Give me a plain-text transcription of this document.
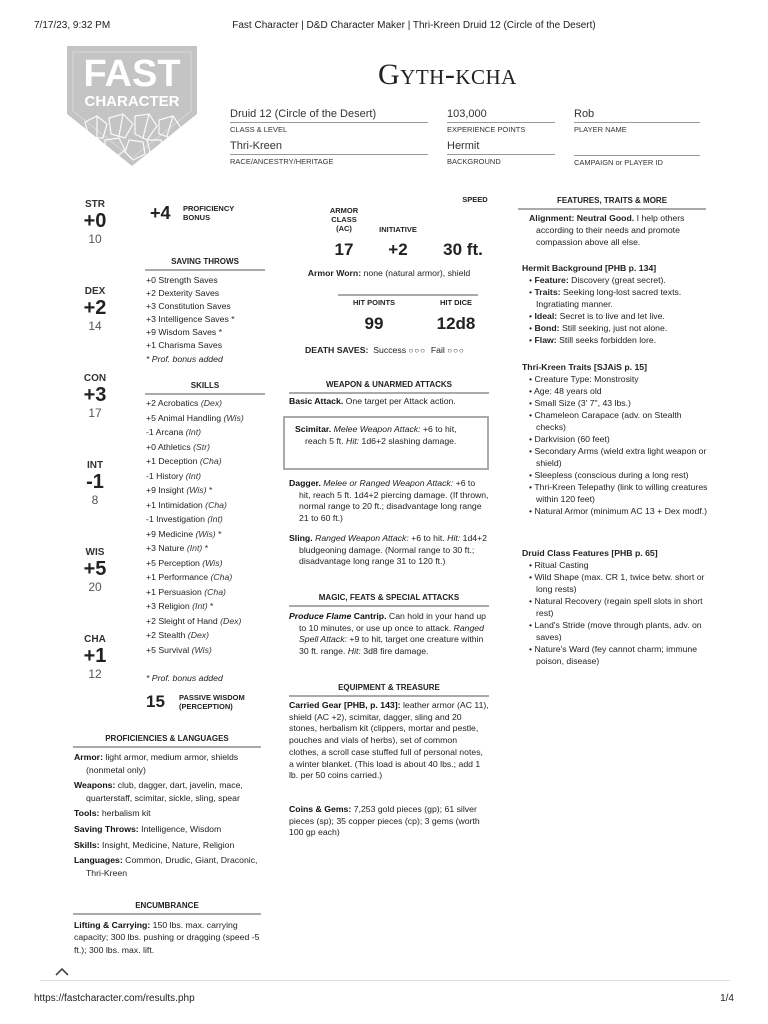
7/17/23, 9:32 PM	Fast Character | D&D Character Maker | Thri-Kreen Druid 12 (Circle of the Desert)
FAST
CHARACTER
Gyth-kcha
Druid 12 (Circle of the Desert)
CLASS & LEVEL
103,000
EXPERIENCE POINTS
Rob
PLAYER NAME
Thri-Kreen
RACE/ANCESTRY/HERITAGE
Hermit
BACKGROUND	CAMPAIGN or PLAYER ID
STR
+0
10
DEX
+2
14
CON
+3
17
INT
-1
8
WIS
+5
20
CHA
+1
12
+4 PROFICIENCY
BONUS
SAVING THROWS
+0 Strength Saves
+2 Dexterity Saves
+3 Constitution Saves
+3 Intelligence Saves *
+9 Wisdom Saves *
+1 Charisma Saves
* Prof. bonus added
SKILLS
+2 Acrobatics (Dex)
+5 Animal Handling (Wis)
-1 Arcana (Int)
+0 Athletics (Str)
+1 Deception (Cha)
-1 History (Int)
+9 Insight (Wis) *
+1 Intimidation (Cha)
-1 Investigation (Int)
+9 Medicine (Wis) *
+3 Nature (Int) *
+5 Perception (Wis)
+1 Performance (Cha)
+1 Persuasion (Cha)
+3 Religion (Int) *
+2 Sleight of Hand (Dex)
+2 Stealth (Dex)
+5 Survival (Wis)
* Prof. bonus added
15 PASSIVE WISDOM
(PERCEPTION)
PROFICIENCIES & LANGUAGES
Armor: light armor, medium armor, shields (nonmetal only)
Weapons: club, dagger, dart, javelin, mace, quarterstaff, scimitar, sickle, sling, spear
Tools: herbalism kit
Saving Throws: Intelligence, Wisdom
Skills: Insight, Medicine, Nature, Religion
Languages: Common, Drudic, Giant, Draconic, Thri-Kreen
ENCUMBRANCE
Lifting & Carrying: 150 lbs. max. carrying capacity; 300 lbs. pushing or dragging (speed -5 ft.); 300 lbs. max. lift.
SPEED
ARMOR
CLASS
(AC)	INITIATIVE
17	+2	30 ft.
Armor Worn: none (natural armor), shield
HIT POINTS	HIT DICE
99	12d8
DEATH SAVES: Success ○○○ Fail ○○○
WEAPON & UNARMED ATTACKS
Basic Attack. One target per Attack action.
Scimitar. Melee Weapon Attack: +6 to hit, reach 5 ft. Hit: 1d6+2 slashing damage.
Dagger. Melee or Ranged Weapon Attack: +6 to hit, reach 5 ft. 1d4+2 piercing damage. (If thrown, normal range to 20 ft.; disadvantage long range 21 to 60 ft.)
Sling. Ranged Weapon Attack: +6 to hit. Hit: 1d4+2 bludgeoning damage. (Normal range to 30 ft.; disadvantage long range 31 to 120 ft.)
MAGIC, FEATS & SPECIAL ATTACKS
Produce Flame Cantrip. Can hold in your hand up to 10 minutes, or use up once to attack. Ranged Spell Attack: +9 to hit, target one creature within 30 ft. range. Hit: 3d8 fire damage.
EQUIPMENT & TREASURE
Carried Gear [PHB, p. 143]: leather armor (AC 11), shield (AC +2), scimitar, dagger, sling and 20 stones, herbalism kit (clippers, mortar and pestle, pouches and vials of herbs), set of common clothes, a scroll case stuffed full of personal notes, a winter blanket. (This load is about 40 lbs.; add 1 lb. per 50 coins carried.)
Coins & Gems: 7,253 gold pieces (gp); 61 silver pieces (sp); 35 copper pieces (cp); 3 gems (worth 100 gp each)
FEATURES, TRAITS & MORE
Alignment: Neutral Good. I help others according to their needs and promote compassion above all else.
Hermit Background [PHB p. 134]
• Feature: Discovery (great secret).
• Traits: Seeking long-lost sacred texts. Ingratiating manner.
• Ideal: Secret is to live and let live.
• Bond: Still seeking, just not alone.
• Flaw: Still seeks forbidden lore.
Thri-Kreen Traits [SJAiS p. 15]
• Creature Type: Monstrosity
• Age: 48 years old
• Small Size (3' 7", 43 lbs.)
• Chameleon Carapace (adv. on Stealth checks)
• Darkvision (60 feet)
• Secondary Arms (wield extra light weapon or shield)
• Sleepless (conscious during a long rest)
• Thri-Kreen Telepathy (link to willing creatures within 120 feet)
• Natural Armor (minimum AC 13 + Dex modf.)
Druid Class Features [PHB p. 65]
• Ritual Casting
• Wild Shape (max. CR 1, twice betw. short or long rests)
• Natural Recovery (regain spell slots in short rest)
• Land's Stride (move through plants, adv. on saves)
• Nature's Ward (fey cannot charm; immune poison, disease)
https://fastcharacter.com/results.php	1/4
